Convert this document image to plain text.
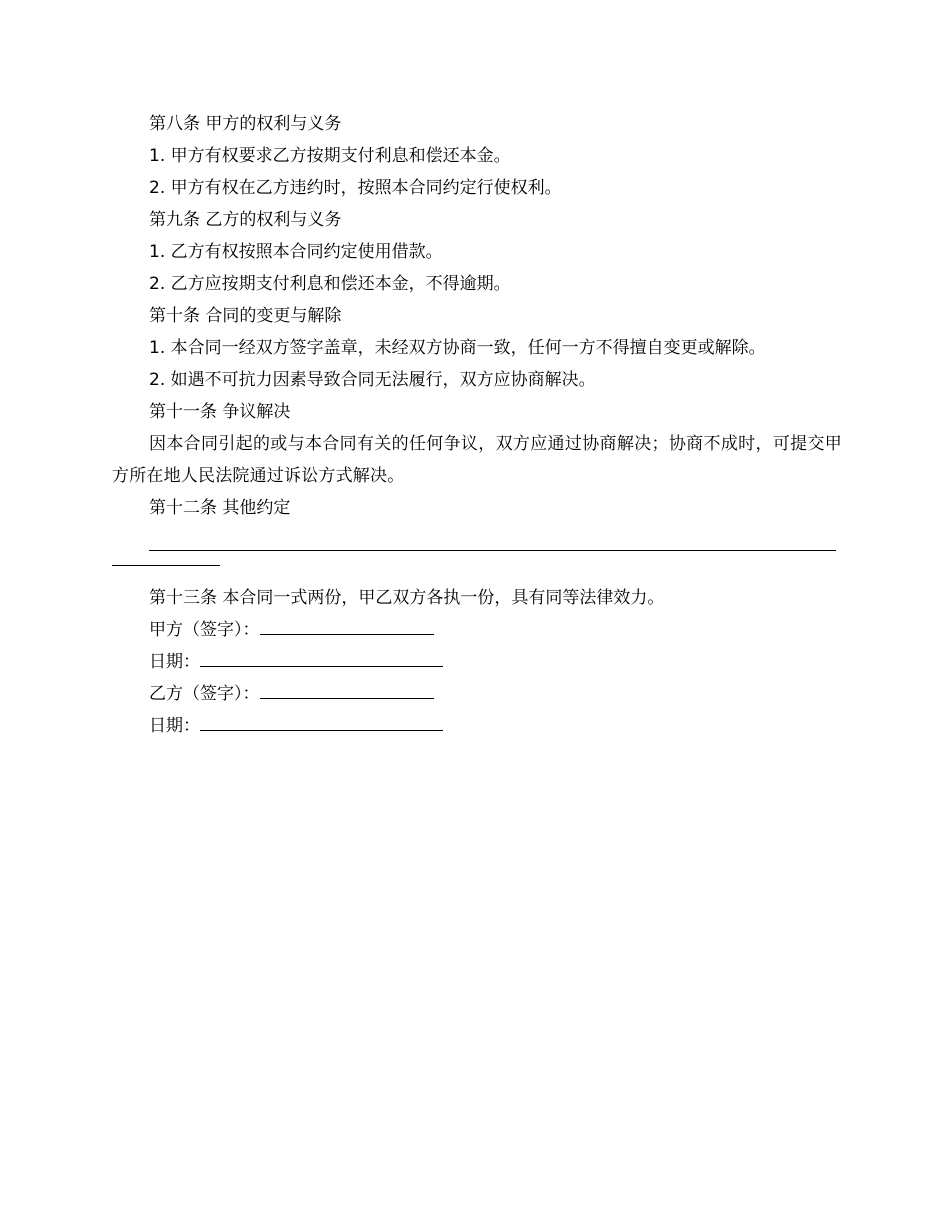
第八条 甲方的权利与义务

1. 甲方有权要求乙方按期支付利息和偿还本金。

2. 甲方有权在乙方违约时，按照本合同约定行使权利。

第九条 乙方的权利与义务

1. 乙方有权按照本合同约定使用借款。

2. 乙方应按期支付利息和偿还本金，不得逾期。

第十条 合同的变更与解除

1. 本合同一经双方签字盖章，未经双方协商一致，任何一方不得擅自变更或解除。

2. 如遇不可抗力因素导致合同无法履行，双方应协商解决。

第十一条 争议解决

因本合同引起的或与本合同有关的任何争议，双方应通过协商解决；协商不成时，可提交甲方所在地人民法院通过诉讼方式解决。

第十二条 其他约定

第十三条 本合同一式两份，甲乙双方各执一份，具有同等法律效力。

甲方（签字）：

日期：

乙方（签字）：

日期：
